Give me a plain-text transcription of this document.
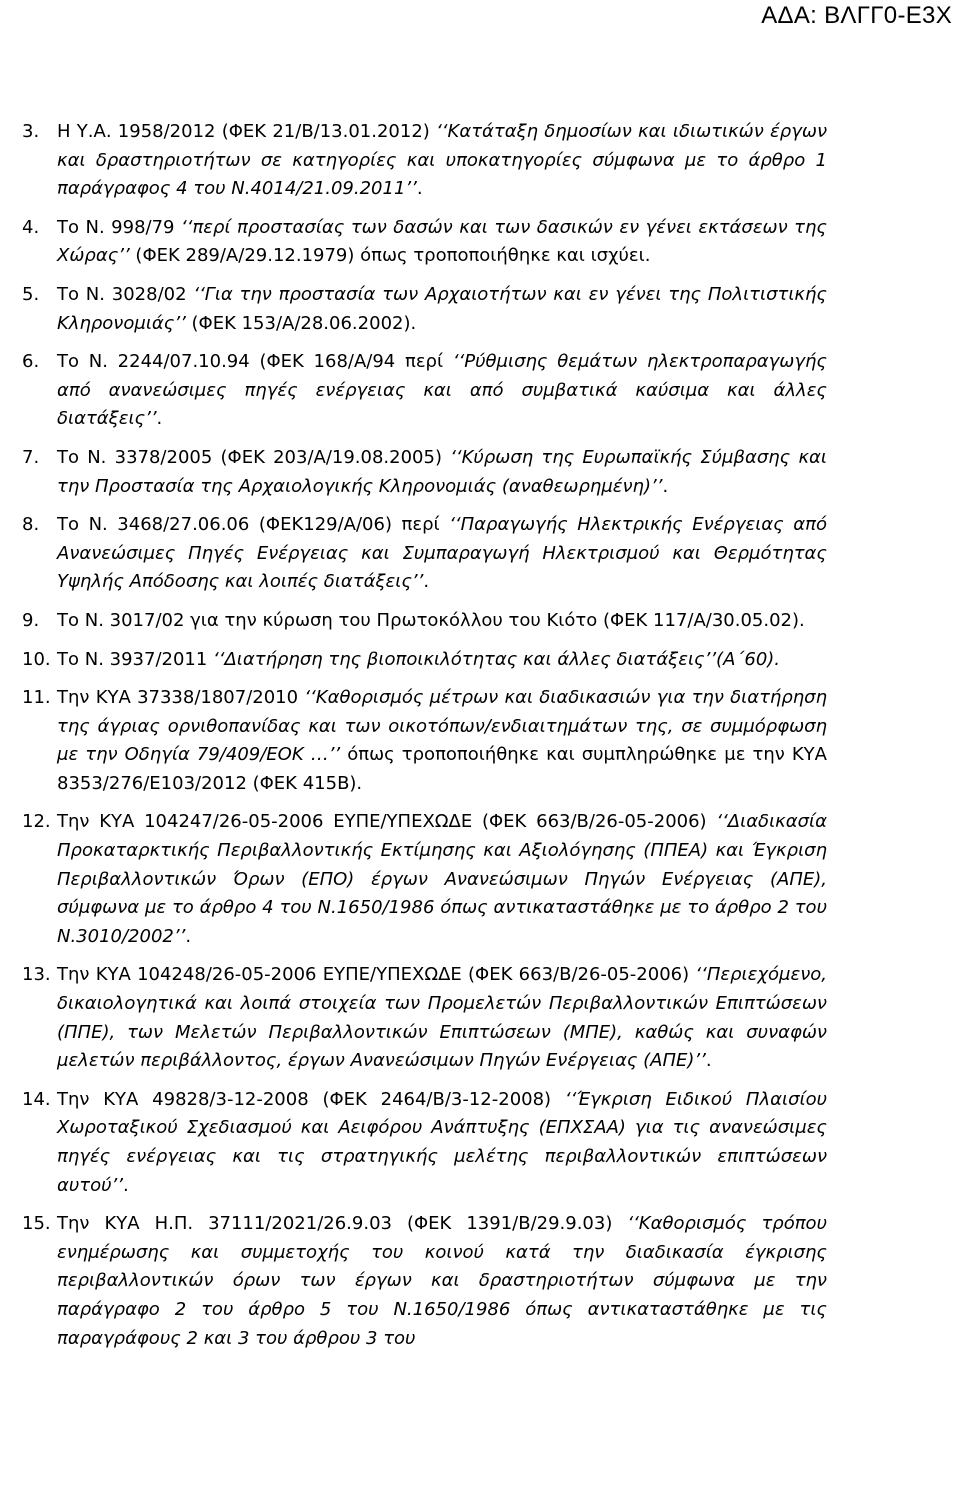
ΑΔΑ: ΒΛΓΓ0-Ε3Χ
3. Η Υ.Α. 1958/2012 (ΦΕΚ 21/Β/13.01.2012) ‘‘Κατάταξη δημοσίων και ιδιωτικών έργων και δραστηριοτήτων σε κατηγορίες και υποκατηγορίες σύμφωνα με το άρθρο 1 παράγραφος 4 του Ν.4014/21.09.2011’’.
4. Το Ν. 998/79 ‘‘περί προστασίας των δασών και των δασικών εν γένει εκτάσεων της Χώρας’’ (ΦΕΚ 289/Α/29.12.1979) όπως τροποποιήθηκε και ισχύει.
5. Το Ν. 3028/02 ‘‘Για την προστασία των Αρχαιοτήτων και εν γένει της Πολιτιστικής Κληρονομιάς’’ (ΦΕΚ 153/Α/28.06.2002).
6. Το Ν. 2244/07.10.94 (ΦΕΚ 168/Α/94 περί ‘‘Ρύθμισης θεμάτων ηλεκτροπαραγωγής από ανανεώσιμες πηγές ενέργειας και από συμβατικά καύσιμα και άλλες διατάξεις’’.
7. Το Ν. 3378/2005 (ΦΕΚ 203/Α/19.08.2005) ‘‘Κύρωση της Ευρωπαϊκής Σύμβασης και την Προστασία της Αρχαιολογικής Κληρονομιάς (αναθεωρημένη)’’.
8. Το Ν. 3468/27.06.06 (ΦΕΚ129/Α/06) περί ‘‘Παραγωγής Ηλεκτρικής Ενέργειας από Ανανεώσιμες Πηγές Ενέργειας και Συμπαραγωγή Ηλεκτρισμού και Θερμότητας Υψηλής Απόδοσης και λοιπές διατάξεις’’.
9. Το Ν. 3017/02 για την κύρωση του Πρωτοκόλλου του Κιότο (ΦΕΚ 117/Α/30.05.02).
10. Το Ν. 3937/2011 ‘‘Διατήρηση της βιοποικιλότητας και άλλες διατάξεις’’(Α΄60).
11. Την ΚΥΑ 37338/1807/2010 ‘‘Καθορισμός μέτρων και διαδικασιών για την διατήρηση της άγριας ορνιθοπανίδας και των οικοτόπων/ενδιαιτημάτων της, σε συμμόρφωση με την Οδηγία 79/409/ΕΟΚ …’’ όπως τροποποιήθηκε και συμπληρώθηκε με την ΚΥΑ 8353/276/Ε103/2012 (ΦΕΚ 415Β).
12. Την ΚΥΑ 104247/26-05-2006 ΕΥΠΕ/ΥΠΕΧΩΔΕ (ΦΕΚ 663/Β/26-05-2006) ‘‘Διαδικασία Προκαταρκτικής Περιβαλλοντικής Εκτίμησης και Αξιολόγησης (ΠΠΕΑ) και Έγκριση Περιβαλλοντικών Όρων (ΕΠΟ) έργων Ανανεώσιμων Πηγών Ενέργειας (ΑΠΕ), σύμφωνα με το άρθρο 4 του Ν.1650/1986 όπως αντικαταστάθηκε με το άρθρο 2 του Ν.3010/2002’’.
13. Την ΚΥΑ 104248/26-05-2006 ΕΥΠΕ/ΥΠΕΧΩΔΕ (ΦΕΚ 663/Β/26-05-2006) ‘‘Περιεχόμενο, δικαιολογητικά και λοιπά στοιχεία των Προμελετών Περιβαλλοντικών Επιπτώσεων (ΠΠΕ), των Μελετών Περιβαλλοντικών Επιπτώσεων (ΜΠΕ), καθώς και συναφών μελετών περιβάλλοντος, έργων Ανανεώσιμων Πηγών Ενέργειας (ΑΠΕ)’’.
14. Την ΚΥΑ 49828/3-12-2008 (ΦΕΚ 2464/Β/3-12-2008) ‘‘Έγκριση Ειδικού Πλαισίου Χωροταξικού Σχεδιασμού και Αειφόρου Ανάπτυξης (ΕΠΧΣΑΑ) για τις ανανεώσιμες πηγές ενέργειας και τις στρατηγικής μελέτης περιβαλλοντικών επιπτώσεων αυτού’’.
15. Την ΚΥΑ Η.Π. 37111/2021/26.9.03 (ΦΕΚ 1391/Β/29.9.03) ‘‘Καθορισμός τρόπου ενημέρωσης και συμμετοχής του κοινού κατά την διαδικασία έγκρισης περιβαλλοντικών όρων των έργων και δραστηριοτήτων σύμφωνα με την παράγραφο 2 του άρθρο 5 του Ν.1650/1986 όπως αντικαταστάθηκε με τις παραγράφους 2 και 3 του άρθρου 3 του
